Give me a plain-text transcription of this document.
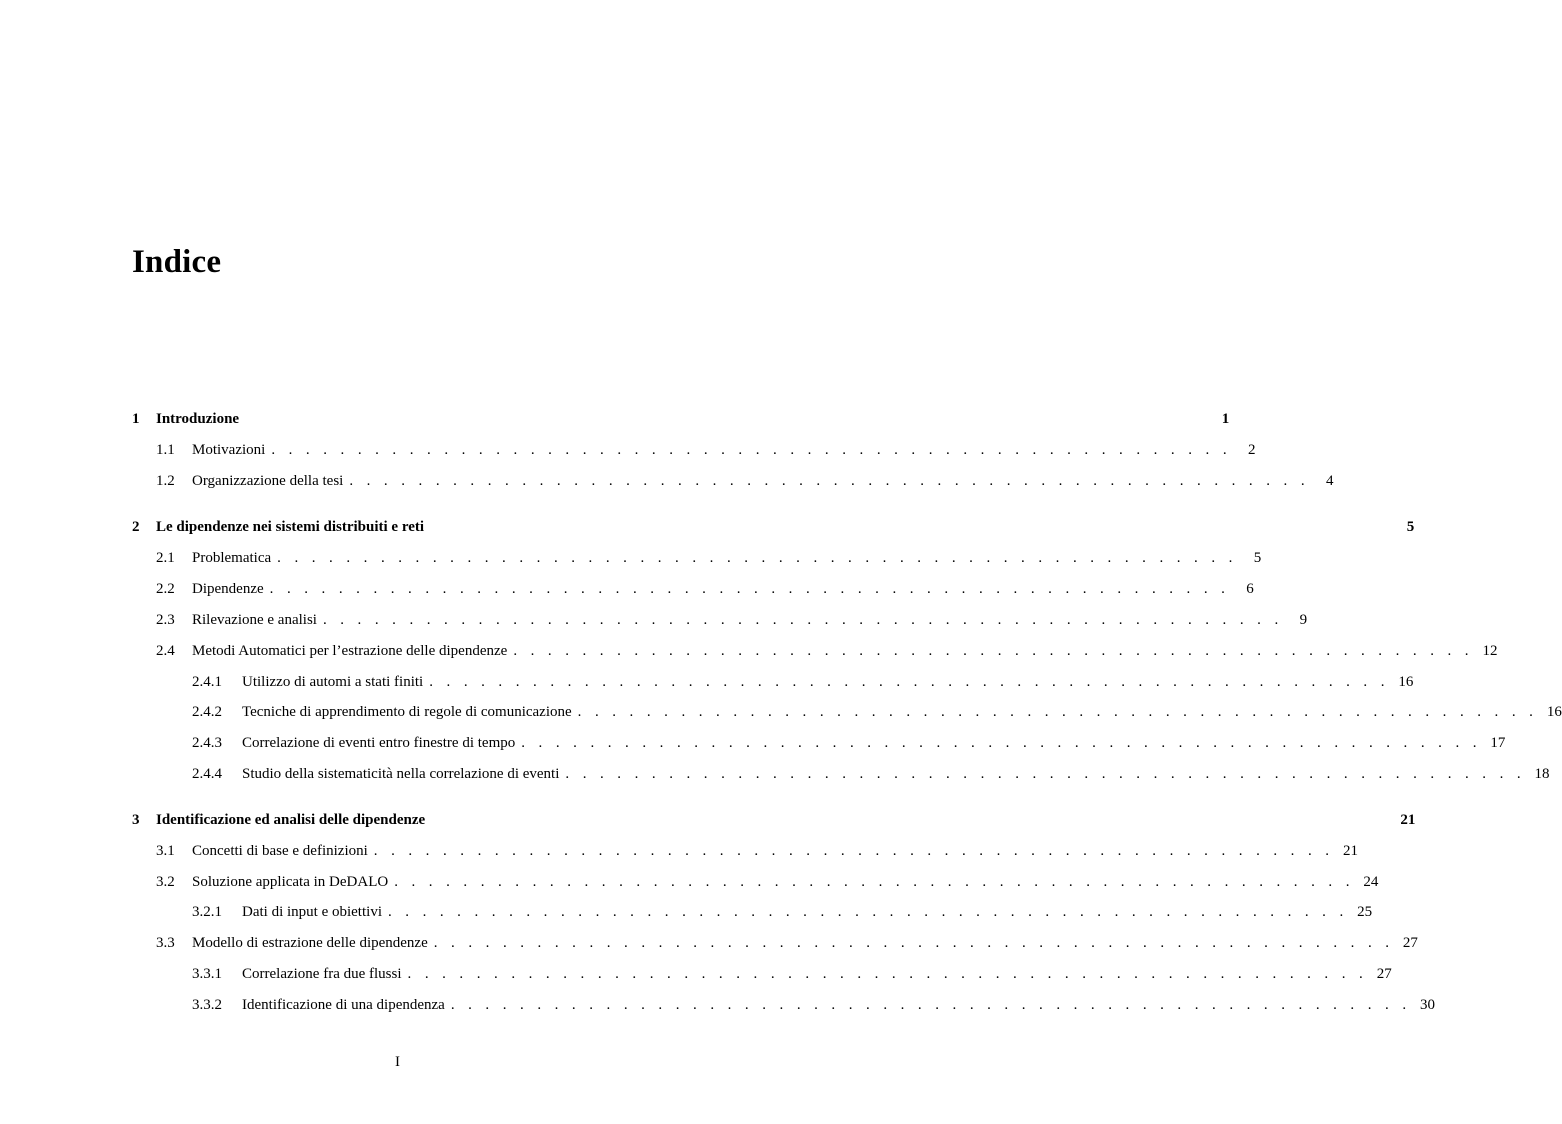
Indice
1	Introduzione	1
1.1	Motivazioni . . . . . . . . . . . . . . . . . . . . . . . . . . . . . . . . . . . . . . . . . . . . . . . . . . . . . . . .	2
1.2	Organizzazione della tesi . . . . . . . . . . . . . . . . . . . . . . . . . . . . . . . . . . . . . . . . . . . . . . . . . . . . . . . .	4
2	Le dipendenze nei sistemi distribuiti e reti	5
2.1	Problematica . . . . . . . . . . . . . . . . . . . . . . . . . . . . . . . . . . . . . . . . . . . . . . . . . . . . . . . .	5
2.2	Dipendenze . . . . . . . . . . . . . . . . . . . . . . . . . . . . . . . . . . . . . . . . . . . . . . . . . . . . . . . .	6
2.3	Rilevazione e analisi . . . . . . . . . . . . . . . . . . . . . . . . . . . . . . . . . . . . . . . . . . . . . . . . . . . . . . . .	9
2.4	Metodi Automatici per l’estrazione delle dipendenze . . . . . . . . . . . . . . . . . . . . . . . . . . . . . . . . . . . . . . . . . . . . . . . . . . . . . . . . 12
2.4.1	Utilizzo di automi a stati finiti . . . . . . . . . . . . . . . . . . . . . . . . . . . . . . . . . . . . . . . . . . . . . . . . . . . . . . . . 16
2.4.2	Tecniche di apprendimento di regole di comunicazione . . . . . . . . . . . . . . . . . . . . . . . . . . . . . . . . . . . . . . . . . . . . . . . . . . . . . . . . 16
2.4.3	Correlazione di eventi entro finestre di tempo . . . . . . . . . . . . . . . . . . . . . . . . . . . . . . . . . . . . . . . . . . . . . . . . . . . . . . . . 17
2.4.4	Studio della sistematicità nella correlazione di eventi . . . . . . . . . . . . . . . . . . . . . . . . . . . . . . . . . . . . . . . . . . . . . . . . . . . . . . . . 18
3	Identificazione ed analisi delle dipendenze	21
3.1	Concetti di base e definizioni . . . . . . . . . . . . . . . . . . . . . . . . . . . . . . . . . . . . . . . . . . . . . . . . . . . . . . . . 21
3.2	Soluzione applicata in DeDALO . . . . . . . . . . . . . . . . . . . . . . . . . . . . . . . . . . . . . . . . . . . . . . . . . . . . . . . . 24
3.2.1	Dati di input e obiettivi . . . . . . . . . . . . . . . . . . . . . . . . . . . . . . . . . . . . . . . . . . . . . . . . . . . . . . . . 25
3.3	Modello di estrazione delle dipendenze . . . . . . . . . . . . . . . . . . . . . . . . . . . . . . . . . . . . . . . . . . . . . . . . . . . . . . . . 27
3.3.1	Correlazione fra due flussi . . . . . . . . . . . . . . . . . . . . . . . . . . . . . . . . . . . . . . . . . . . . . . . . . . . . . . . . 27
3.3.2	Identificazione di una dipendenza . . . . . . . . . . . . . . . . . . . . . . . . . . . . . . . . . . . . . . . . . . . . . . . . . . . . . . . . 30
I
